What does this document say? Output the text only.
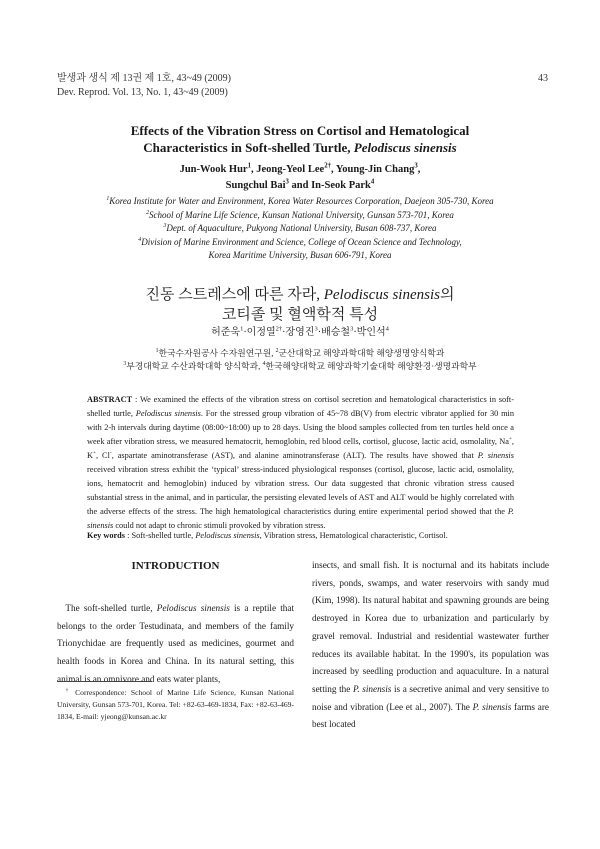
발생과 생식 제 13권 제 1호, 43~49 (2009)
Dev. Reprod. Vol. 13, No. 1, 43~49 (2009)
43
Effects of the Vibration Stress on Cortisol and Hematological
Characteristics in Soft-shelled Turtle, Pelodiscus sinensis
Jun-Wook Hur$^1$, Jeong-Yeol Lee$^{2\dagger}$, Young-Jin Chang$^3$,
Sungchul Bai$^3$ and In-Seok Park$^4$
$^1$Korea Institute for Water and Environment, Korea Water Resources Corporation, Daejeon 305-730, Korea
$^2$School of Marine Life Science, Kunsan National University, Gunsan 573-701, Korea
$^3$Dept. of Aquaculture, Pukyong National University, Busan 608-737, Korea
$^4$Division of Marine Environment and Science, College of Ocean Science and Technology,
Korea Maritime University, Busan 606-791, Korea
진동 스트레스에 따른 자라, Pelodiscus sinensis의
코티졸 및 혈액학적 특성
허준욱$^1$·이정열$^{2\dagger}$·장영진$^3$·배승철$^3$·박인석$^4$
$^1$한국수자원공사 수자원연구원, $^2$군산대학교 해양과학대학 해양생명양식학과
$^3$부경대학교 수산과학대학 양식학과, $^4$한국해양대학교 해양과학기술대학 해양환경·생명과학부
ABSTRACT : We examined the effects of the vibration stress on cortisol secretion and hematological characteristics in soft-shelled turtle, Pelodiscus sinensis. For the stressed group vibration of 45~78 dB(V) from electric vibrator applied for 30 min with 2-h intervals during daytime (08:00~18:00) up to 28 days. Using the blood samples collected from ten turtles held once a week after vibration stress, we measured hematocrit, hemoglobin, red blood cells, cortisol, glucose, lactic acid, osmolality, Na+, K+, Cl-, aspartate aminotransferase (AST), and alanine aminotransferase (ALT). The results have showed that P. sinensis received vibration stress exhibit the ‘typical’ stress-induced physiological responses (cortisol, glucose, lactic acid, osmolality, ions, hematocrit and hemoglobin) induced by vibration stress. Our data suggested that chronic vibration stress caused substantial stress in the animal, and in particular, the persisting elevated levels of AST and ALT would be highly correlated with the adverse effects of the stress. The high hematological characteristics during entire experimental period showed that the P. sinensis could not adapt to chronic stimuli provoked by vibration stress.
Key words : Soft-shelled turtle, Pelodiscus sinensis, Vibration stress, Hematological characteristic, Cortisol.
INTRODUCTION
The soft-shelled turtle, Pelodiscus sinensis is a reptile that belongs to the order Testudinata, and members of the family Trionychidae are frequently used as medicines, gourmet and health foods in Korea and China. In its natural setting, this animal is an omnivore and eats water plants,
† Correspondence: School of Marine Life Science, Kunsan National University, Gunsan 573-701, Korea. Tel: +82-63-469-1834, Fax: +82-63-469-1834, E-mail: yjeong@kunsan.ac.kr
insects, and small fish. It is nocturnal and its habitats include rivers, ponds, swamps, and water reservoirs with sandy mud (Kim, 1998). Its natural habitat and spawning grounds are being destroyed in Korea due to urbanization and particularly by gravel removal. Industrial and residential wastewater further reduces its available habitat. In the 1990's, its population was increased by seedling production and aquaculture. In a natural setting the P. sinensis is a secretive animal and very sensitive to noise and vibration (Lee et al., 2007). The P. sinensis farms are best located
